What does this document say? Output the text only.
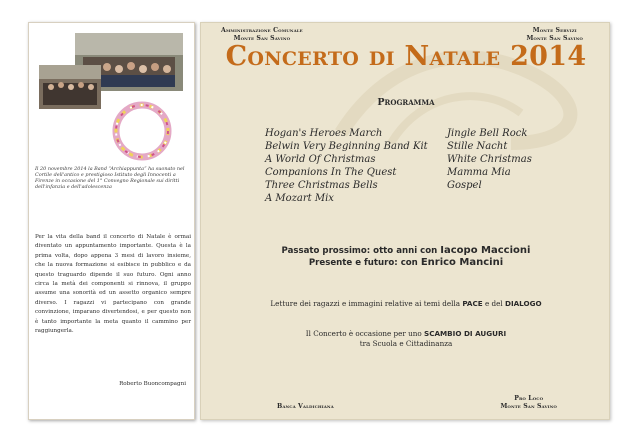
Il 20 novembre 2014 la Band “Archiappunta” ha suonato nel Cortile dell'antico e prestigioso Istituto degli Innocenti a Firenze in occasione del 1° Convegno Regionale sui diritti dell'infanzia e dell'adolescenza
Per la vita della band il concerto di Natale è ormai diventato un appuntamento importante. Questa è la prima volta, dopo appena 3 mesi di lavoro insieme, che la nuova formazione si esibisce in pubblico e da questo traguardo dipende il suo futuro. Ogni anno circa la metà dei componenti si rinnova, il gruppo assume una sonorità ed un assetto organico sempre diverso. I ragazzi vi partecipano con grande convinzione, imparano divertendosi, e per questo non è tanto importante la meta quanto il cammino per raggiungerla.
Roberto Buoncompagni
Amministrazione Comunale
Monte San Savino
Monte Servizi
Monte San Savino
Concerto di Natale 2014
Programma
Hogan's Heroes March
Belwin Very Beginning Band Kit
A World Of Christmas
Companions In The Quest
Three Christmas Bells
A Mozart Mix
Jingle Bell Rock
Stille Nacht
White Christmas
Mamma Mia
Gospel
Passato prossimo: otto anni con Iacopo Maccioni
Presente e futuro: con Enrico Mancini
Letture dei ragazzi e immagini relative ai temi della PACE e del DIALOGO
Il Concerto è occasione per uno SCAMBIO DI AUGURI
tra Scuola e Cittadinanza
Banca Valdichiana
Pro Loco
Monte San Savino
